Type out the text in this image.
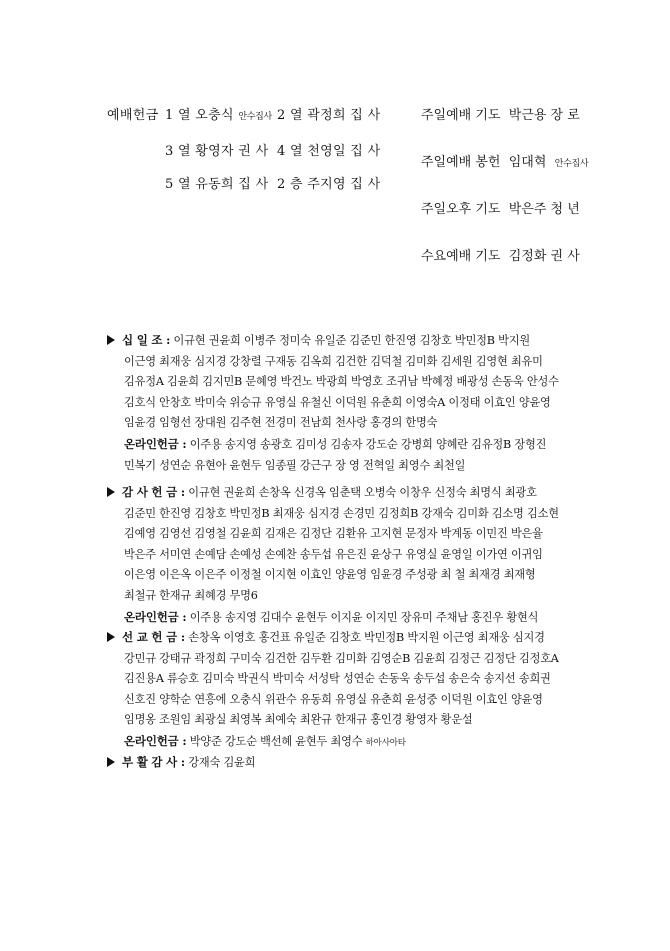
예배헌금 1 열 오충식 안수집사 2 열 곽정희 집 사
3 열 황영자 권 사 4 열 천영일 집 사
5 열 유동희 집 사 2 층 주지영 집 사
주일예배 기도 박근용 장 로
주일예배 봉헌 임대혁 안수집사
주일오후 기도 박은주 청 년
수요예배 기도 김정화 권 사
십 일 조 : 이규현 권윤희 이병주 정미숙 유일준 김준민 한진영 김창호 박민정B 박지원
이근영 최재웅 심지경 강창렬 구재동 김옥희 김건한 김덕철 김미화 김세원 김영현 최유미
김유정A 김윤희 김지민B 문혜영 박건노 박광희 박영호 조귀남 박혜정 배광성 손동욱 안성수
김호식 안창호 박미숙 위승규 유영실 유철신 이덕원 유춘희 이영숙A 이정태 이효인 양윤영
임윤경 임형선 장대원 김주현 전경미 전남희 천사랑 홍경의 한명숙
온라인헌금 : 이주용 송지영 송광호 김미성 김송자 강도순 강병희 양혜란 김유정B 장형진
민복기 성연순 유현아 윤현두 임종필 강근구 장 영 전혁일 최영수 최천일
감 사 헌 금 : 이규현 권윤희 손창옥 신경옥 임춘택 오병숙 이창우 신정숙 최명식 최광호
김준민 한진영 김창호 박민정B 최재웅 심지경 손경민 김정희B 강재숙 김미화 김소명 김소현
김예영 김영선 김영철 김윤희 김재은 김정단 김환유 고지현 문정자 박계동 이민진 박은율
박은주 서미연 손예담 손예성 손예찬 송두섭 유은진 윤상구 유영실 윤영일 이가연 이귀임
이은영 이은옥 이은주 이정철 이지현 이효인 양윤영 임윤경 주성광 최 철 최재경 최재형
최철규 한재규 최혜경 무명6
온라인헌금 : 이주용 송지영 김대수 윤현두 이지윤 이지민 장유미 주채남 홍진우 황현식
선 교 헌 금 : 손창옥 이영호 홍건표 유일준 김창호 박민정B 박지원 이근영 최재웅 심지경
강민규 강태규 곽정희 구미숙 김건한 김두환 김미화 김영순B 김윤희 김정근 김정단 김정호A
김진용A 류승호 김미숙 박권식 박미숙 서성탁 성연순 손동욱 송두섭 송은숙 송지선 송희권
신호진 양학순 연흥에 오충식 위관수 유동희 유영실 유춘희 윤성중 이덕원 이효인 양윤영
임명옹 조원임 최광실 최영복 최예숙 최완규 한재규 홍인경 황영자 황운설
온라인헌금 : 박양준 강도순 백선혜 윤현두 최영수 하아사아타
부 활 감 사 : 강재숙 김윤희
